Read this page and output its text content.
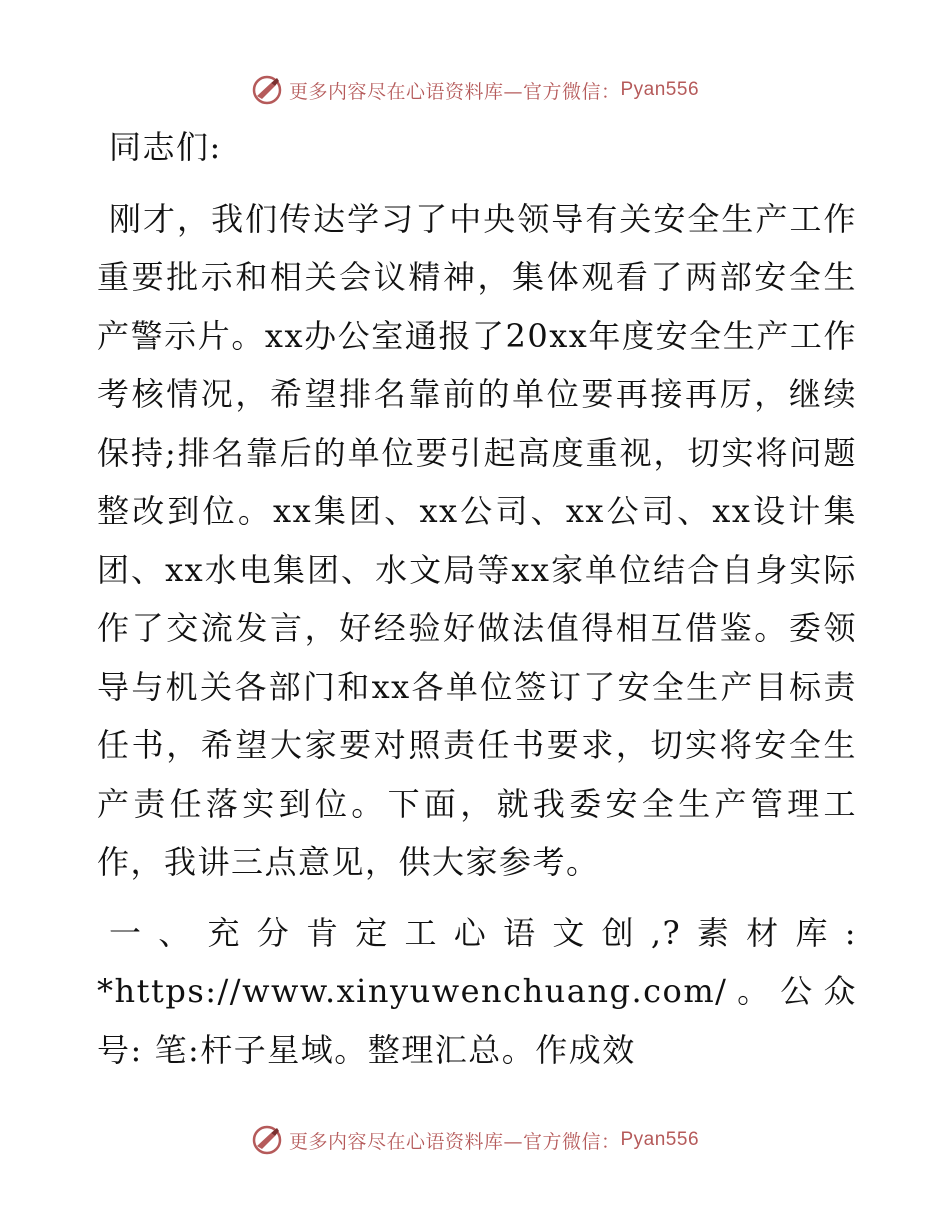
更多内容尽在心语资料库—官方微信： Pyan556

同志们:

刚才，我们传达学习了中央领导有关安全生产工作重要批示和相关会议精神，集体观看了两部安全生产警示片。xx办公室通报了20xx年度安全生产工作考核情况，希望排名靠前的单位要再接再厉，继续保持;排名靠后的单位要引起高度重视，切实将问题整改到位。xx集团、xx公司、xx公司、xx设计集团、xx水电集团、水文局等xx家单位结合自身实际作了交流发言，好经验好做法值得相互借鉴。委领导与机关各部门和xx各单位签订了安全生产目标责任书，希望大家要对照责任书要求，切实将安全生产责任落实到位。下面，就我委安全生产管理工作，我讲三点意见，供大家参考。

一、充分肯定工心语文创,?素材库: *https://www.xinyuwenchuang.com/。公众号: 笔:杆子星域。整理汇总。作成效

更多内容尽在心语资料库—官方微信： Pyan556
